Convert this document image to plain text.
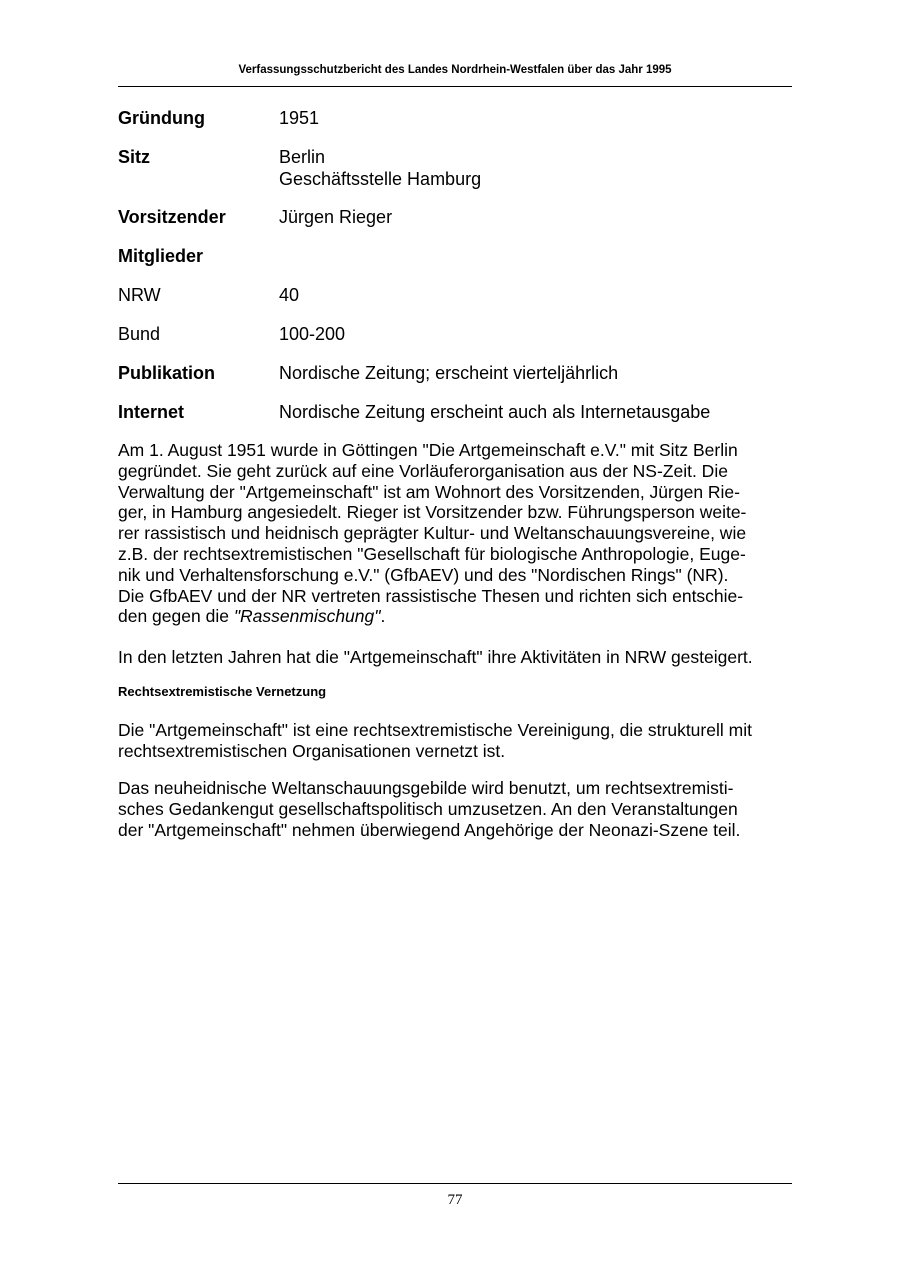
Verfassungsschutzbericht des Landes Nordrhein-Westfalen über das Jahr 1995
Gründung	1951
Sitz	Berlin
Geschäftsstelle Hamburg
Vorsitzender	Jürgen Rieger
Mitglieder
NRW	40
Bund	100-200
Publikation	Nordische Zeitung; erscheint vierteljährlich
Internet	Nordische Zeitung erscheint auch als Internetausgabe

Am 1. August 1951 wurde in Göttingen "Die Artgemeinschaft e.V." mit Sitz Berlin
gegründet. Sie geht zurück auf eine Vorläuferorganisation aus der NS-Zeit. Die
Verwaltung der "Artgemeinschaft" ist am Wohnort des Vorsitzenden, Jürgen Rie-
ger, in Hamburg angesiedelt. Rieger ist Vorsitzender bzw. Führungsperson weite-
rer rassistisch und heidnisch geprägter Kultur- und Weltanschauungsvereine, wie
z.B. der rechtsextremistischen "Gesellschaft für biologische Anthropologie, Euge-
nik und Verhaltensforschung e.V." (GfbAEV) und des "Nordischen Rings" (NR).
Die GfbAEV und der NR vertreten rassistische Thesen und richten sich entschie-
den gegen die "Rassenmischung".

In den letzten Jahren hat die "Artgemeinschaft" ihre Aktivitäten in NRW gesteigert.

Rechtsextremistische Vernetzung

Die "Artgemeinschaft" ist eine rechtsextremistische Vereinigung, die strukturell mit
rechtsextremistischen Organisationen vernetzt ist.

Das neuheidnische Weltanschauungsgebilde wird benutzt, um rechtsextremisti-
sches Gedankengut gesellschaftspolitisch umzusetzen. An den Veranstaltungen
der "Artgemeinschaft" nehmen überwiegend Angehörige der Neonazi-Szene teil.

77
